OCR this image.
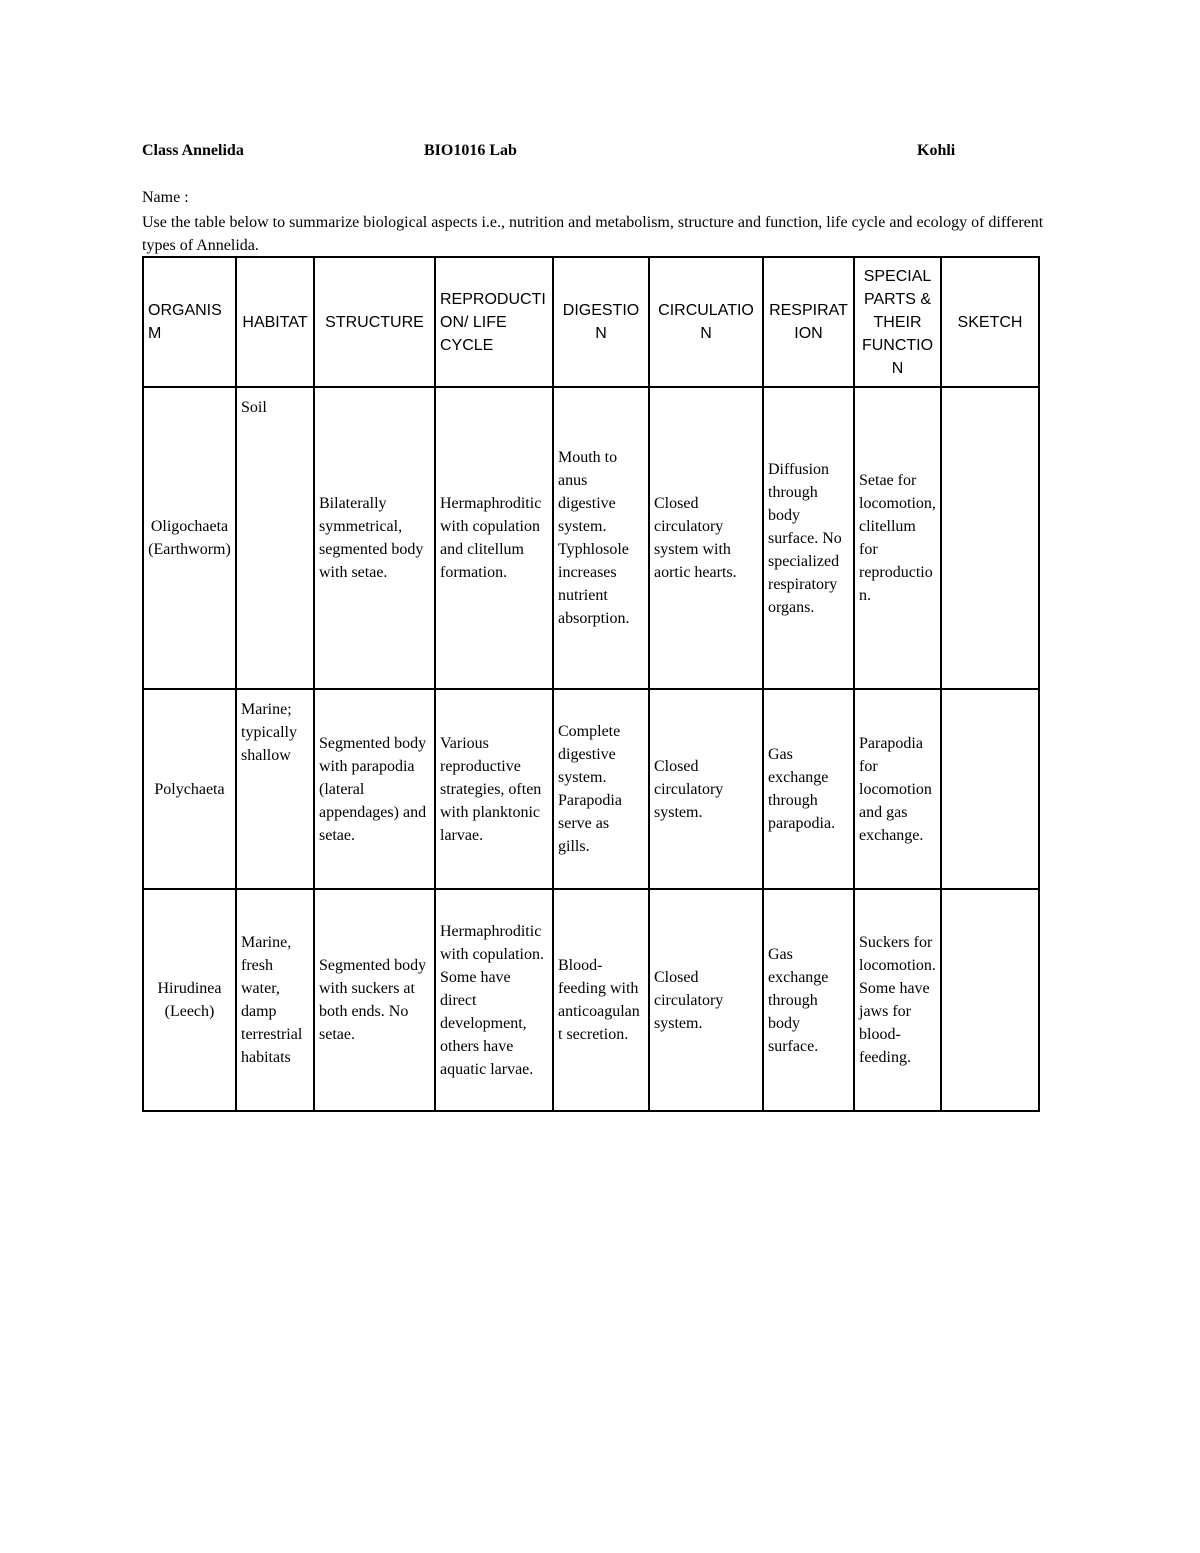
Class Annelida	BIO1016 Lab	Kohli
Name :
Use the table below to summarize biological aspects i.e., nutrition and metabolism, structure and function, life cycle and ecology of different types of Annelida.
ORGANISM	HABITAT	STRUCTURE	REPRODUCTION/ LIFE CYCLE	DIGESTION	CIRCULATION	RESPIRATION	SPECIAL PARTS & THEIR FUNCTION	SKETCH
Oligochaeta (Earthworm)	Soil	Bilaterally symmetrical, segmented body with setae.	Hermaphroditic with copulation and clitellum formation.	Mouth to anus digestive system. Typhlosole increases nutrient absorption.	Closed circulatory system with aortic hearts.	Diffusion through body surface. No specialized respiratory organs.	Setae for locomotion, clitellum for reproduction.	
Polychaeta	Marine; typically shallow	Segmented body with parapodia (lateral appendages) and setae.	Various reproductive strategies, often with planktonic larvae.	Complete digestive system. Parapodia serve as gills.	Closed circulatory system.	Gas exchange through parapodia.	Parapodia for locomotion and gas exchange.	
Hirudinea (Leech)	Marine, fresh water, damp terrestrial habitats	Segmented body with suckers at both ends. No setae.	Hermaphroditic with copulation. Some have direct development, others have aquatic larvae.	Blood-feeding with anticoagulant secretion.	Closed circulatory system.	Gas exchange through body surface.	Suckers for locomotion. Some have jaws for blood-feeding.	
